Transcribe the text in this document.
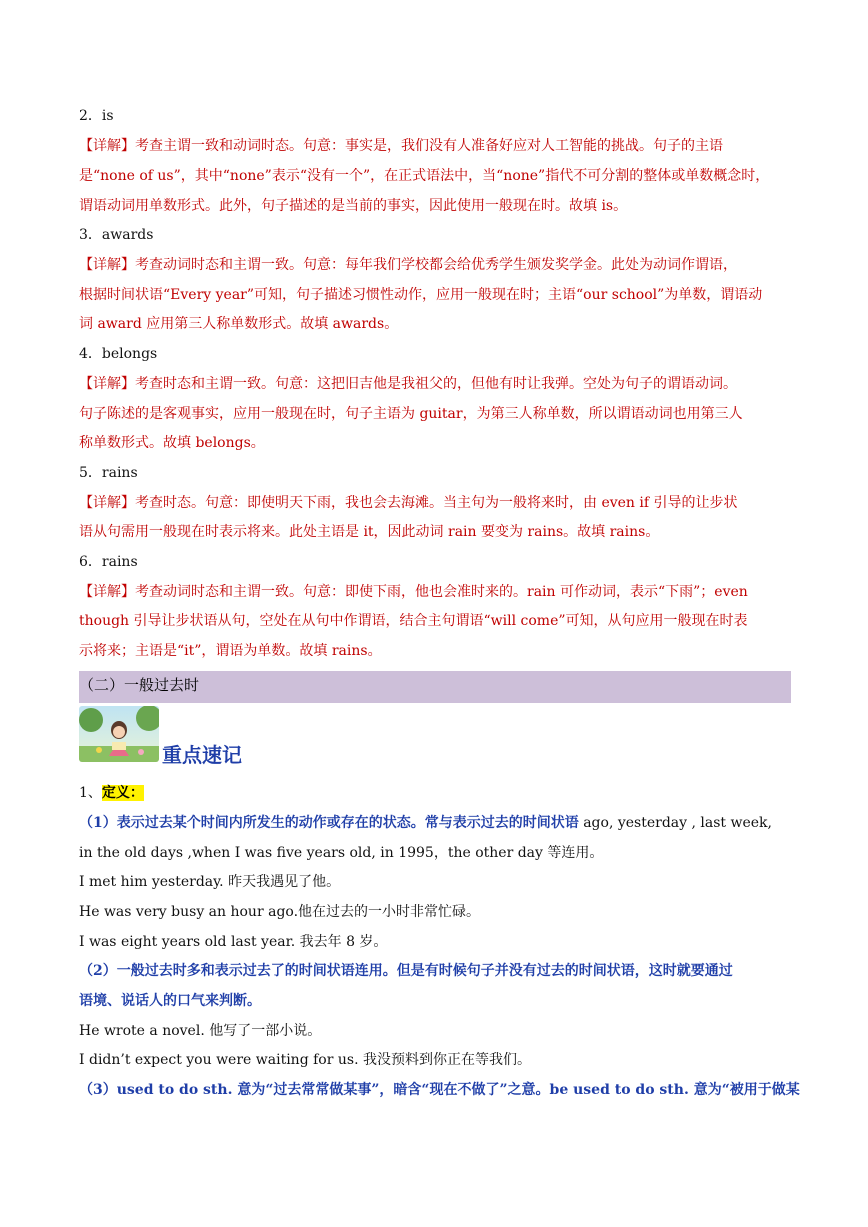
2．is
【详解】考查主谓一致和动词时态。句意：事实是，我们没有人准备好应对人工智能的挑战。句子的主语
是“none of us”，其中“none”表示“没有一个”，在正式语法中，当“none”指代不可分割的整体或单数概念时，
谓语动词用单数形式。此外，句子描述的是当前的事实，因此使用一般现在时。故填 is。
3．awards
【详解】考查动词时态和主谓一致。句意：每年我们学校都会给优秀学生颁发奖学金。此处为动词作谓语，
根据时间状语“Every year”可知，句子描述习惯性动作，应用一般现在时；主语“our school”为单数，谓语动
词 award 应用第三人称单数形式。故填 awards。
4．belongs
【详解】考查时态和主谓一致。句意：这把旧吉他是我祖父的，但他有时让我弹。空处为句子的谓语动词。
句子陈述的是客观事实，应用一般现在时，句子主语为 guitar，为第三人称单数，所以谓语动词也用第三人
称单数形式。故填 belongs。
5．rains
【详解】考查时态。句意：即使明天下雨，我也会去海滩。当主句为一般将来时，由 even if 引导的让步状
语从句需用一般现在时表示将来。此处主语是 it，因此动词 rain 要变为 rains。故填 rains。
6．rains
【详解】考查动词时态和主谓一致。句意：即使下雨，他也会准时来的。rain 可作动词，表示“下雨”；even
though 引导让步状语从句，空处在从句中作谓语，结合主句谓语“will come”可知，从句应用一般现在时表
示将来；主语是“it”，谓语为单数。故填 rains。
（二）一般过去时
重点速记
1、定义：
（1）表示过去某个时间内所发生的动作或存在的状态。常与表示过去的时间状语 ago, yesterday , last week,
in the old days ,when I was five years old, in 1995，the other day 等连用。
I met him yesterday. 昨天我遇见了他。
He was very busy an hour ago.他在过去的一小时非常忙碌。
I was eight years old last year. 我去年 8 岁。
（2）一般过去时多和表示过去了的时间状语连用。但是有时候句子并没有过去的时间状语，这时就要通过
语境、说话人的口气来判断。
He wrote a novel. 他写了一部小说。
I didn’t expect you were waiting for us. 我没预料到你正在等我们。
（3）used to do sth. 意为“过去常常做某事”，暗含“现在不做了”之意。be used to do sth. 意为“被用于做某
